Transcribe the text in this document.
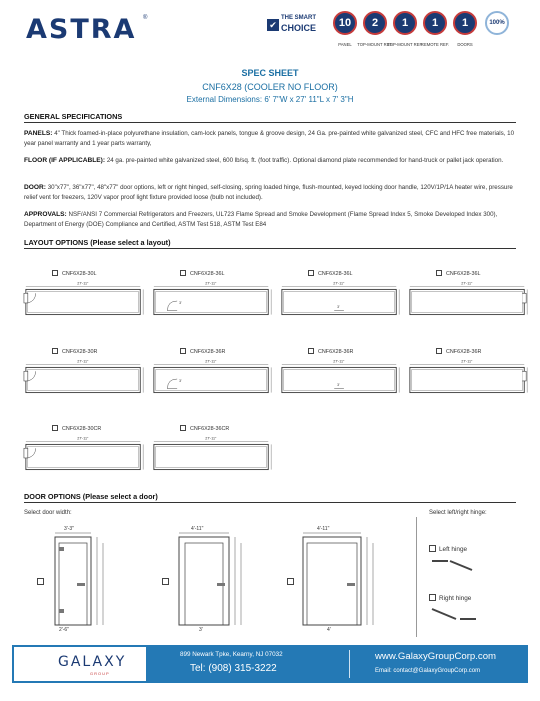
ASTRA ®
✔
THE SMART
CHOICE	10
PANEL
2
TOP-MOUNT REF.
1
TOP-MOUNT REF.
1
REMOTE REF.
1
DOORS
100%
SPEC SHEET
CNF6X28 (COOLER NO FLOOR)
External Dimensions: 6' 7"W x 27' 11"L x 7' 3"H
GENERAL SPECIFICATIONS
PANELS: 4" Thick foamed-in-place polyurethane insulation, cam-lock panels, tongue & groove design, 24 Ga. pre-painted white galvanized steel, CFC and HFC free materials, 10 year panel warranty and 1 year parts warranty,
FLOOR (IF APPLICABLE): 24 ga. pre-painted white galvanized steel, 600 lb/sq. ft. (foot traffic). Optional diamond plate recommended for hand-truck or pallet jack operation.
DOOR: 30"x77", 36"x77", 48"x77" door options, left or right hinged, self-closing, spring loaded hinge, flush-mounted, keyed locking door handle, 120V/1P/1A heater wire, pressure relief vent for freezers, 120V vapor proof light fixture provided loose (bulb not included).
APPROVALS: NSF/ANSI 7 Commercial Refrigerators and Freezers, UL723 Flame Spread and Smoke Development (Flame Spread Index 5, Smoke Developed Index 300), Department of Energy (DOE) Compliance and Certified, ASTM Test 518, ASTM Test E84
LAYOUT OPTIONS (Please select a layout)
CNF6X28-30L
27'-11"
CNF6X28-36L
27'-11"
3'
CNF6X28-36L
27'-11"
3'
CNF6X28-36L
27'-11"
CNF6X28-30R
27'-11"
CNF6X28-36R
27'-11"
3'
CNF6X28-36R
27'-11"
3'
CNF6X28-36R
27'-11"
CNF6X28-30CR
27'-11"
CNF6X28-36CR
27'-11"
DOOR OPTIONS (Please select a door)
Select door width:	Select left/right hinge:
3'-3"
2'-6"
4'-11"
3'
4'-11"
4'
Left hinge
Right hinge
GALAXY
GROUP
899 Newark Tpke, Kearny, NJ 07032
Tel: (908) 315-3222
www.GalaxyGroupCorp.com
Email: contact@GalaxyGroupCorp.com
